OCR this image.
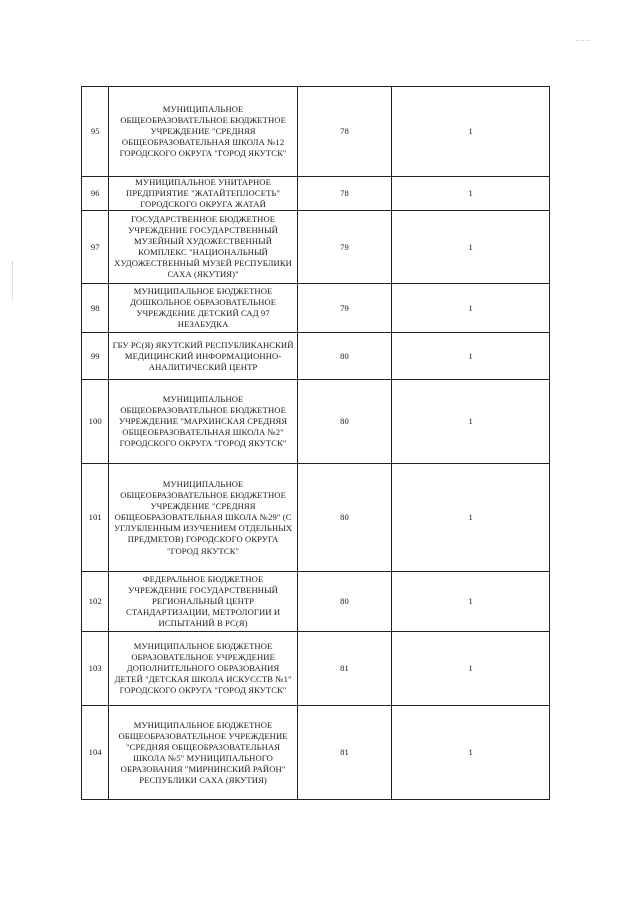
95	МУНИЦИПАЛЬНОЕ ОБЩЕОБРАЗОВАТЕЛЬНОЕ БЮДЖЕТНОЕ УЧРЕЖДЕНИЕ "СРЕДНЯЯ ОБЩЕОБРАЗОВАТЕЛЬНАЯ ШКОЛА №12 ГОРОДСКОГО ОКРУГА "ГОРОД ЯКУТСК"	78	1
96	МУНИЦИПАЛЬНОЕ УНИТАРНОЕ ПРЕДПРИЯТИЕ "ЖАТАЙТЕПЛОСЕТЬ" ГОРОДСКОГО ОКРУГА ЖАТАЙ	78	1
97	ГОСУДАРСТВЕННОЕ БЮДЖЕТНОЕ УЧРЕЖДЕНИЕ ГОСУДАРСТВЕННЫЙ МУЗЕЙНЫЙ ХУДОЖЕСТВЕННЫЙ КОМПЛЕКС "НАЦИОНАЛЬНЫЙ ХУДОЖЕСТВЕННЫЙ МУЗЕЙ РЕСПУБЛИКИ САХА (ЯКУТИЯ)"	79	1
98	МУНИЦИПАЛЬНОЕ БЮДЖЕТНОЕ ДОШКОЛЬНОЕ ОБРАЗОВАТЕЛЬНОЕ УЧРЕЖДЕНИЕ ДЕТСКИЙ САД 97 НЕЗАБУДКА	79	1
99	ГБУ РС(Я) ЯКУТСКИЙ РЕСПУБЛИКАНСКИЙ МЕДИЦИНСКИЙ ИНФОРМАЦИОННО- АНАЛИТИЧЕСКИЙ ЦЕНТР	80	1
100	МУНИЦИПАЛЬНОЕ ОБЩЕОБРАЗОВАТЕЛЬНОЕ БЮДЖЕТНОЕ УЧРЕЖДЕНИЕ "МАРХИНСКАЯ СРЕДНЯЯ ОБЩЕОБРАЗОВАТЕЛЬНАЯ ШКОЛА №2" ГОРОДСКОГО ОКРУГА "ГОРОД ЯКУТСК"	80	1
101	МУНИЦИПАЛЬНОЕ ОБЩЕОБРАЗОВАТЕЛЬНОЕ БЮДЖЕТНОЕ УЧРЕЖДЕНИЕ "СРЕДНЯЯ ОБЩЕОБРАЗОВАТЕЛЬНАЯ ШКОЛА №29" (С УГЛУБЛЕННЫМ ИЗУЧЕНИЕМ ОТДЕЛЬНЫХ ПРЕДМЕТОВ) ГОРОДСКОГО ОКРУГА "ГОРОД ЯКУТСК"	80	1
102	ФЕДЕРАЛЬНОЕ БЮДЖЕТНОЕ УЧРЕЖДЕНИЕ ГОСУДАРСТВЕННЫЙ РЕГИОНАЛЬНЫЙ ЦЕНТР СТАНДАРТИЗАЦИИ, МЕТРОЛОГИИ И ИСПЫТАНИЙ В РС(Я)	80	1
103	МУНИЦИПАЛЬНОЕ БЮДЖЕТНОЕ ОБРАЗОВАТЕЛЬНОЕ УЧРЕЖДЕНИЕ ДОПОЛНИТЕЛЬНОГО ОБРАЗОВАНИЯ ДЕТЕЙ "ДЕТСКАЯ ШКОЛА ИСКУССТВ №1" ГОРОДСКОГО ОКРУГА "ГОРОД ЯКУТСК"	81	1
104	МУНИЦИПАЛЬНОЕ БЮДЖЕТНОЕ ОБЩЕОБРАЗОВАТЕЛЬНОЕ УЧРЕЖДЕНИЕ "СРЕДНЯЯ ОБЩЕОБРАЗОВАТЕЛЬНАЯ ШКОЛА №5" МУНИЦИПАЛЬНОГО ОБРАЗОВАНИЯ "МИРНИНСКИЙ РАЙОН" РЕСПУБЛИКИ САХА (ЯКУТИЯ)	81	1
